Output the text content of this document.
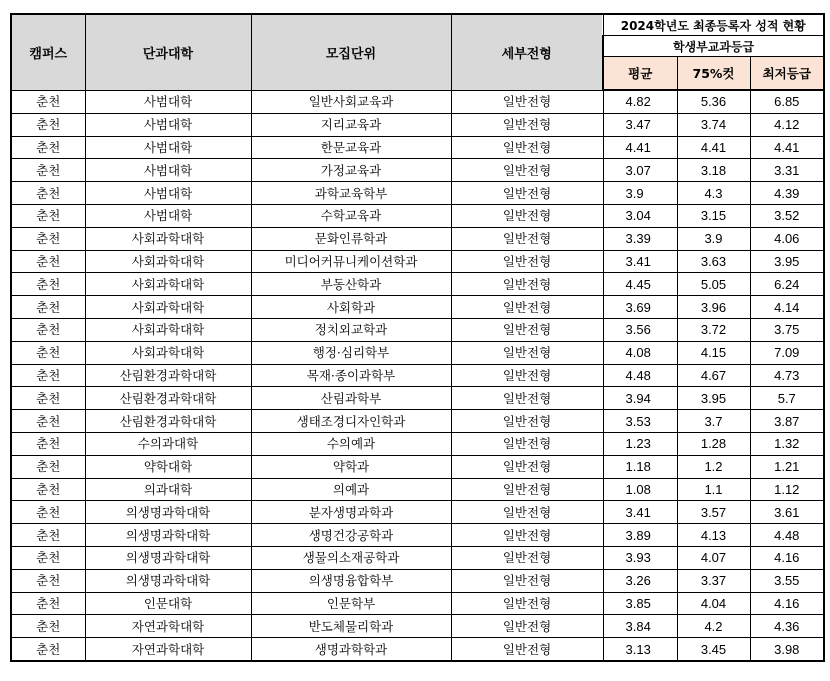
캠퍼스	단과대학	모집단위	세부전형	2024학년도 최종등록자 성적 현황		
				학생부교과등급		
				평균	75%컷	최저등급
춘천	사범대학	일반사회교육과	일반전형	4.82	5.36	6.85
춘천	사범대학	지리교육과	일반전형	3.47	3.74	4.12
춘천	사범대학	한문교육과	일반전형	4.41	4.41	4.41
춘천	사범대학	가정교육과	일반전형	3.07	3.18	3.31
춘천	사범대학	과학교육학부	일반전형	3.9	4.3	4.39
춘천	사범대학	수학교육과	일반전형	3.04	3.15	3.52
춘천	사회과학대학	문화인류학과	일반전형	3.39	3.9	4.06
춘천	사회과학대학	미디어커뮤니케이션학과	일반전형	3.41	3.63	3.95
춘천	사회과학대학	부동산학과	일반전형	4.45	5.05	6.24
춘천	사회과학대학	사회학과	일반전형	3.69	3.96	4.14
춘천	사회과학대학	정치외교학과	일반전형	3.56	3.72	3.75
춘천	사회과학대학	행정·심리학부	일반전형	4.08	4.15	7.09
춘천	산림환경과학대학	목재·종이과학부	일반전형	4.48	4.67	4.73
춘천	산림환경과학대학	산림과학부	일반전형	3.94	3.95	5.7
춘천	산림환경과학대학	생태조경디자인학과	일반전형	3.53	3.7	3.87
춘천	수의과대학	수의예과	일반전형	1.23	1.28	1.32
춘천	약학대학	약학과	일반전형	1.18	1.2	1.21
춘천	의과대학	의예과	일반전형	1.08	1.1	1.12
춘천	의생명과학대학	분자생명과학과	일반전형	3.41	3.57	3.61
춘천	의생명과학대학	생명건강공학과	일반전형	3.89	4.13	4.48
춘천	의생명과학대학	생물의소재공학과	일반전형	3.93	4.07	4.16
춘천	의생명과학대학	의생명융합학부	일반전형	3.26	3.37	3.55
춘천	인문대학	인문학부	일반전형	3.85	4.04	4.16
춘천	자연과학대학	반도체물리학과	일반전형	3.84	4.2	4.36
춘천	자연과학대학	생명과학학과	일반전형	3.13	3.45	3.98
